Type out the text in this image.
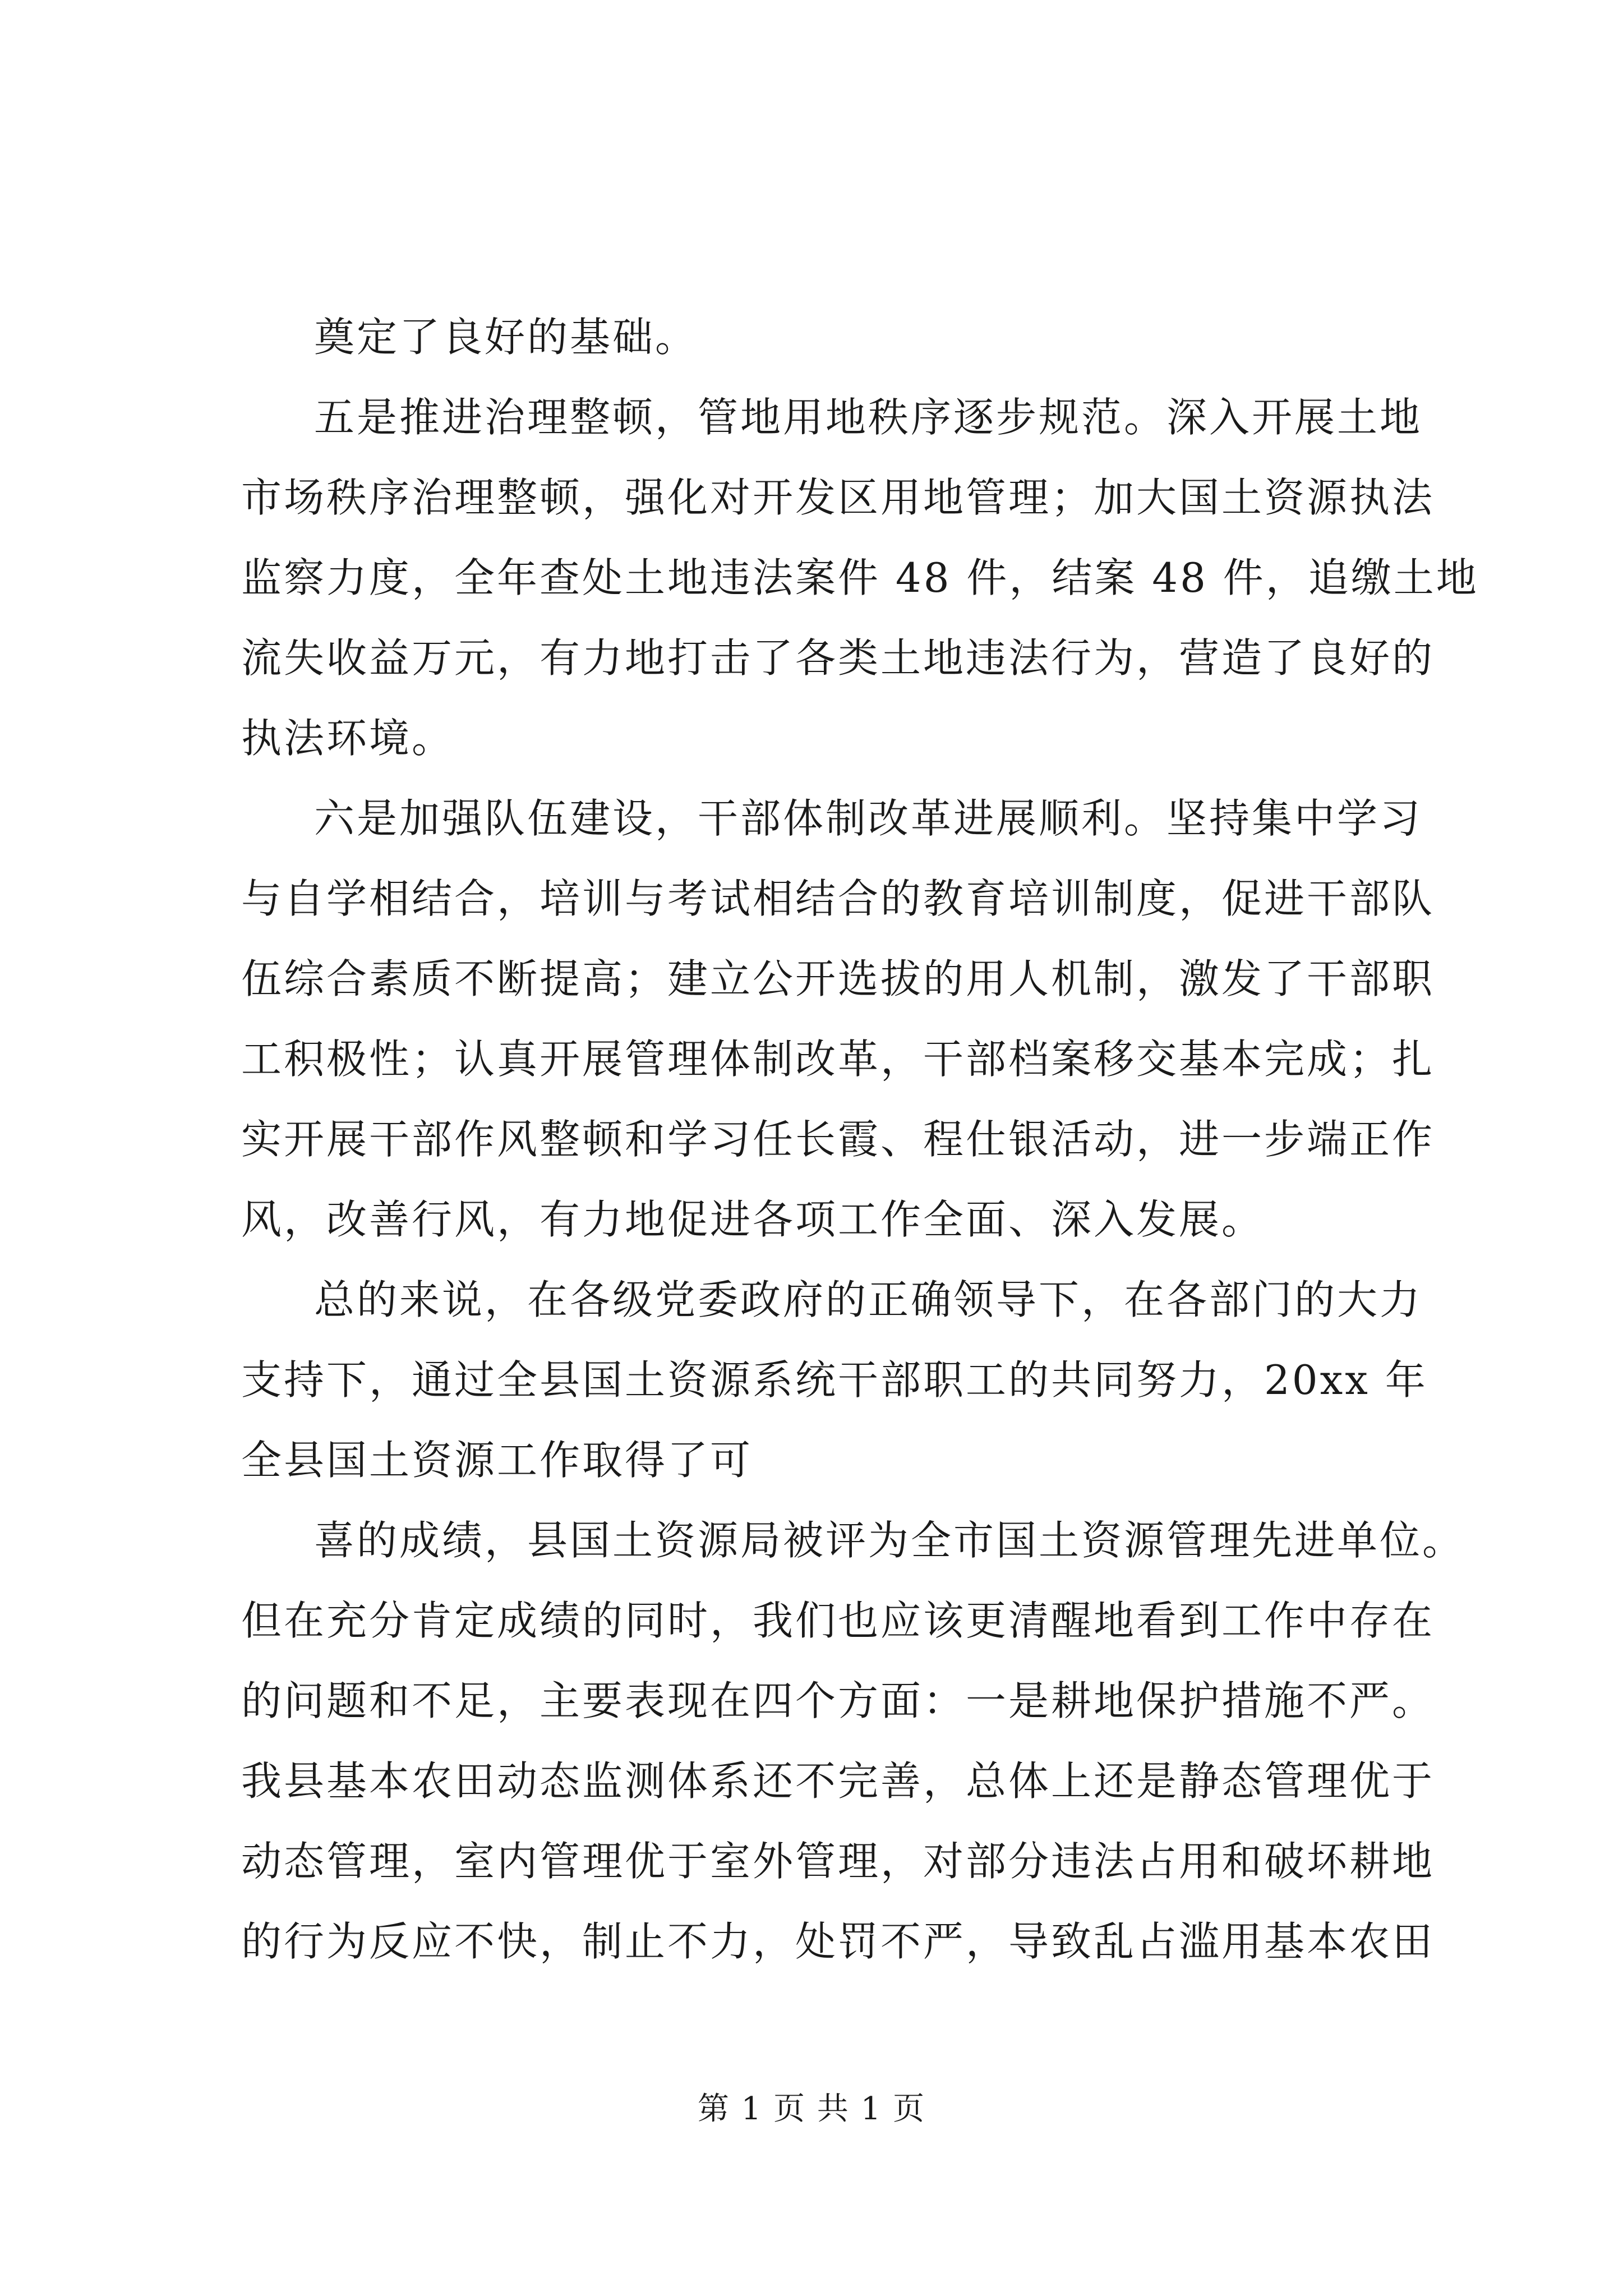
奠定了良好的基础。
五是推进治理整顿，管地用地秩序逐步规范。深入开展土地
市场秩序治理整顿，强化对开发区用地管理；加大国土资源执法
监察力度，全年查处土地违法案件 48 件，结案 48 件，追缴土地
流失收益万元，有力地打击了各类土地违法行为，营造了良好的
执法环境。
六是加强队伍建设，干部体制改革进展顺利。坚持集中学习
与自学相结合，培训与考试相结合的教育培训制度，促进干部队
伍综合素质不断提高；建立公开选拔的用人机制，激发了干部职
工积极性；认真开展管理体制改革，干部档案移交基本完成；扎
实开展干部作风整顿和学习任长霞、程仕银活动，进一步端正作
风，改善行风，有力地促进各项工作全面、深入发展。
总的来说，在各级党委政府的正确领导下，在各部门的大力
支持下，通过全县国土资源系统干部职工的共同努力，20xx 年
全县国土资源工作取得了可
喜的成绩，县国土资源局被评为全市国土资源管理先进单位。
但在充分肯定成绩的同时，我们也应该更清醒地看到工作中存在
的问题和不足，主要表现在四个方面：一是耕地保护措施不严。
我县基本农田动态监测体系还不完善，总体上还是静态管理优于
动态管理，室内管理优于室外管理，对部分违法占用和破坏耕地
的行为反应不快，制止不力，处罚不严，导致乱占滥用基本农田
第 1 页 共 1 页
